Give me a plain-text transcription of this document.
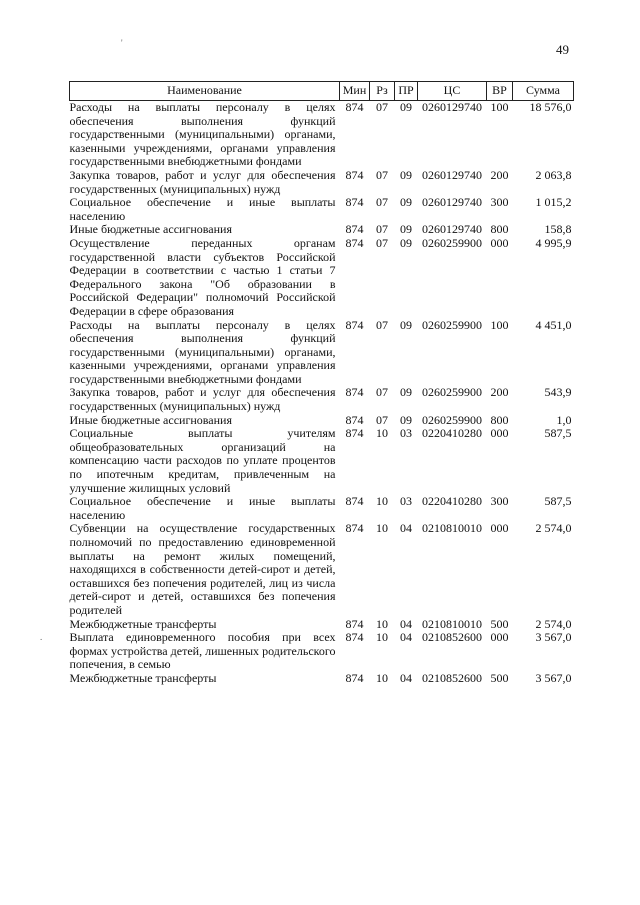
49
Наименование	Мин	Рз	ПР	ЦС	ВР	Сумма
Расходы на выплаты персоналу в целях обеспечения выполнения функций государственными (муниципальными) органами, казенными учреждениями, органами управления государственными внебюджетными фондами	874	07	09	0260129740	100	18 576,0
Закупка товаров, работ и услуг для обеспечения государственных (муниципальных) нужд	874	07	09	0260129740	200	2 063,8
Социальное обеспечение и иные выплаты населению	874	07	09	0260129740	300	1 015,2
Иные бюджетные ассигнования	874	07	09	0260129740	800	158,8
Осуществление переданных органам государственной власти субъектов Российской Федерации в соответствии с частью 1 статьи 7 Федерального закона "Об образовании в Российской Федерации" полномочий Российской Федерации в сфере образования	874	07	09	0260259900	000	4 995,9
Расходы на выплаты персоналу в целях обеспечения выполнения функций государственными (муниципальными) органами, казенными учреждениями, органами управления государственными внебюджетными фондами	874	07	09	0260259900	100	4 451,0
Закупка товаров, работ и услуг для обеспечения государственных (муниципальных) нужд	874	07	09	0260259900	200	543,9
Иные бюджетные ассигнования	874	07	09	0260259900	800	1,0
Социальные выплаты учителям общеобразовательных организаций на компенсацию части расходов по уплате процентов по ипотечным кредитам, привлеченным на улучшение жилищных условий	874	10	03	0220410280	000	587,5
Социальное обеспечение и иные выплаты населению	874	10	03	0220410280	300	587,5
Субвенции на осуществление государственных полномочий по предоставлению единовременной выплаты на ремонт жилых помещений, находящихся в собственности детей-сирот и детей, оставшихся без попечения родителей, лиц из числа детей-сирот и детей, оставшихся без попечения родителей	874	10	04	0210810010	000	2 574,0
Межбюджетные трансферты	874	10	04	0210810010	500	2 574,0
Выплата единовременного пособия при всех формах устройства детей, лишенных родительского попечения, в семью	874	10	04	0210852600	000	3 567,0
Межбюджетные трансферты	874	10	04	0210852600	500	3 567,0
'
.
